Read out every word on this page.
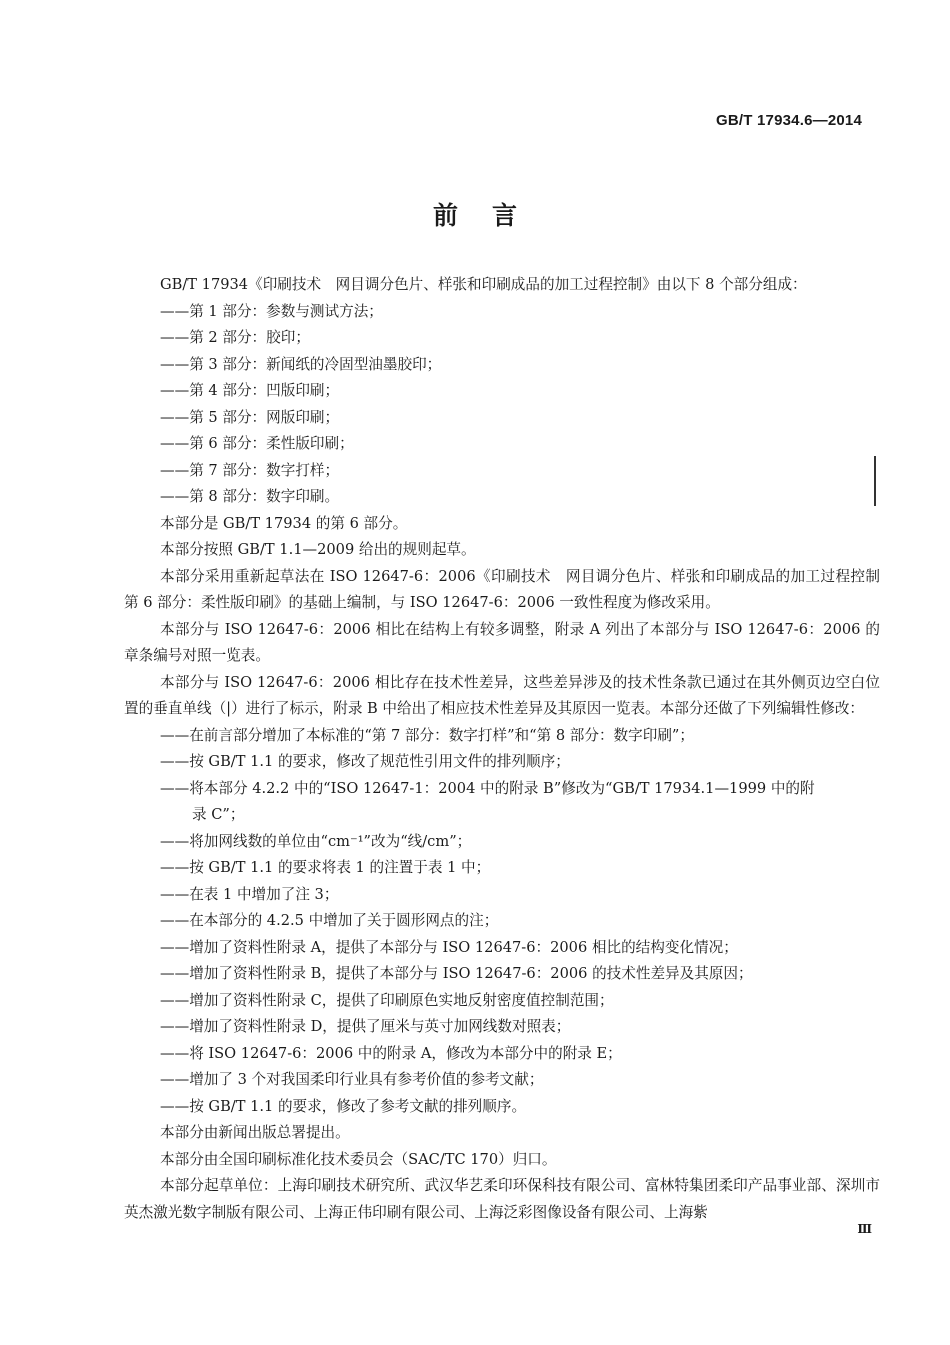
GB/T 17934.6—2014
前言

GB/T 17934《印刷技术　网目调分色片、样张和印刷成品的加工过程控制》由以下 8 个部分组成：

——第 1 部分：参数与测试方法；

——第 2 部分：胶印；

——第 3 部分：新闻纸的冷固型油墨胶印；

——第 4 部分：凹版印刷；

——第 5 部分：网版印刷；

——第 6 部分：柔性版印刷；

——第 7 部分：数字打样；

——第 8 部分：数字印刷。

本部分是 GB/T 17934 的第 6 部分。

本部分按照 GB/T 1.1—2009 给出的规则起草。

本部分采用重新起草法在 ISO 12647-6：2006《印刷技术　网目调分色片、样张和印刷成品的加工过程控制　第 6 部分：柔性版印刷》的基础上编制，与 ISO 12647-6：2006 一致性程度为修改采用。

本部分与 ISO 12647-6：2006 相比在结构上有较多调整，附录 A 列出了本部分与 ISO 12647-6：2006 的章条编号对照一览表。

本部分与 ISO 12647-6：2006 相比存在技术性差异，这些差异涉及的技术性条款已通过在其外侧页边空白位置的垂直单线（|）进行了标示，附录 B 中给出了相应技术性差异及其原因一览表。本部分还做了下列编辑性修改：

——在前言部分增加了本标准的“第 7 部分：数字打样”和“第 8 部分：数字印刷”；

——按 GB/T 1.1 的要求，修改了规范性引用文件的排列顺序；

——将本部分 4.2.2 中的“ISO 12647-1：2004 中的附录 B”修改为“GB/T 17934.1—1999 中的附
录 C”；

——将加网线数的单位由“cm⁻¹”改为“线/cm”；

——按 GB/T 1.1 的要求将表 1 的注置于表 1 中；

——在表 1 中增加了注 3；

——在本部分的 4.2.5 中增加了关于圆形网点的注；

——增加了资料性附录 A，提供了本部分与 ISO 12647-6：2006 相比的结构变化情况；

——增加了资料性附录 B，提供了本部分与 ISO 12647-6：2006 的技术性差异及其原因；

——增加了资料性附录 C，提供了印刷原色实地反射密度值控制范围；

——增加了资料性附录 D，提供了厘米与英寸加网线数对照表；

——将 ISO 12647-6：2006 中的附录 A，修改为本部分中的附录 E；

——增加了 3 个对我国柔印行业具有参考价值的参考文献；

——按 GB/T 1.1 的要求，修改了参考文献的排列顺序。

本部分由新闻出版总署提出。

本部分由全国印刷标准化技术委员会（SAC/TC 170）归口。

本部分起草单位：上海印刷技术研究所、武汉华艺柔印环保科技有限公司、富林特集团柔印产品事业部、深圳市英杰激光数字制版有限公司、上海正伟印刷有限公司、上海泛彩图像设备有限公司、上海紫

Ⅲ
